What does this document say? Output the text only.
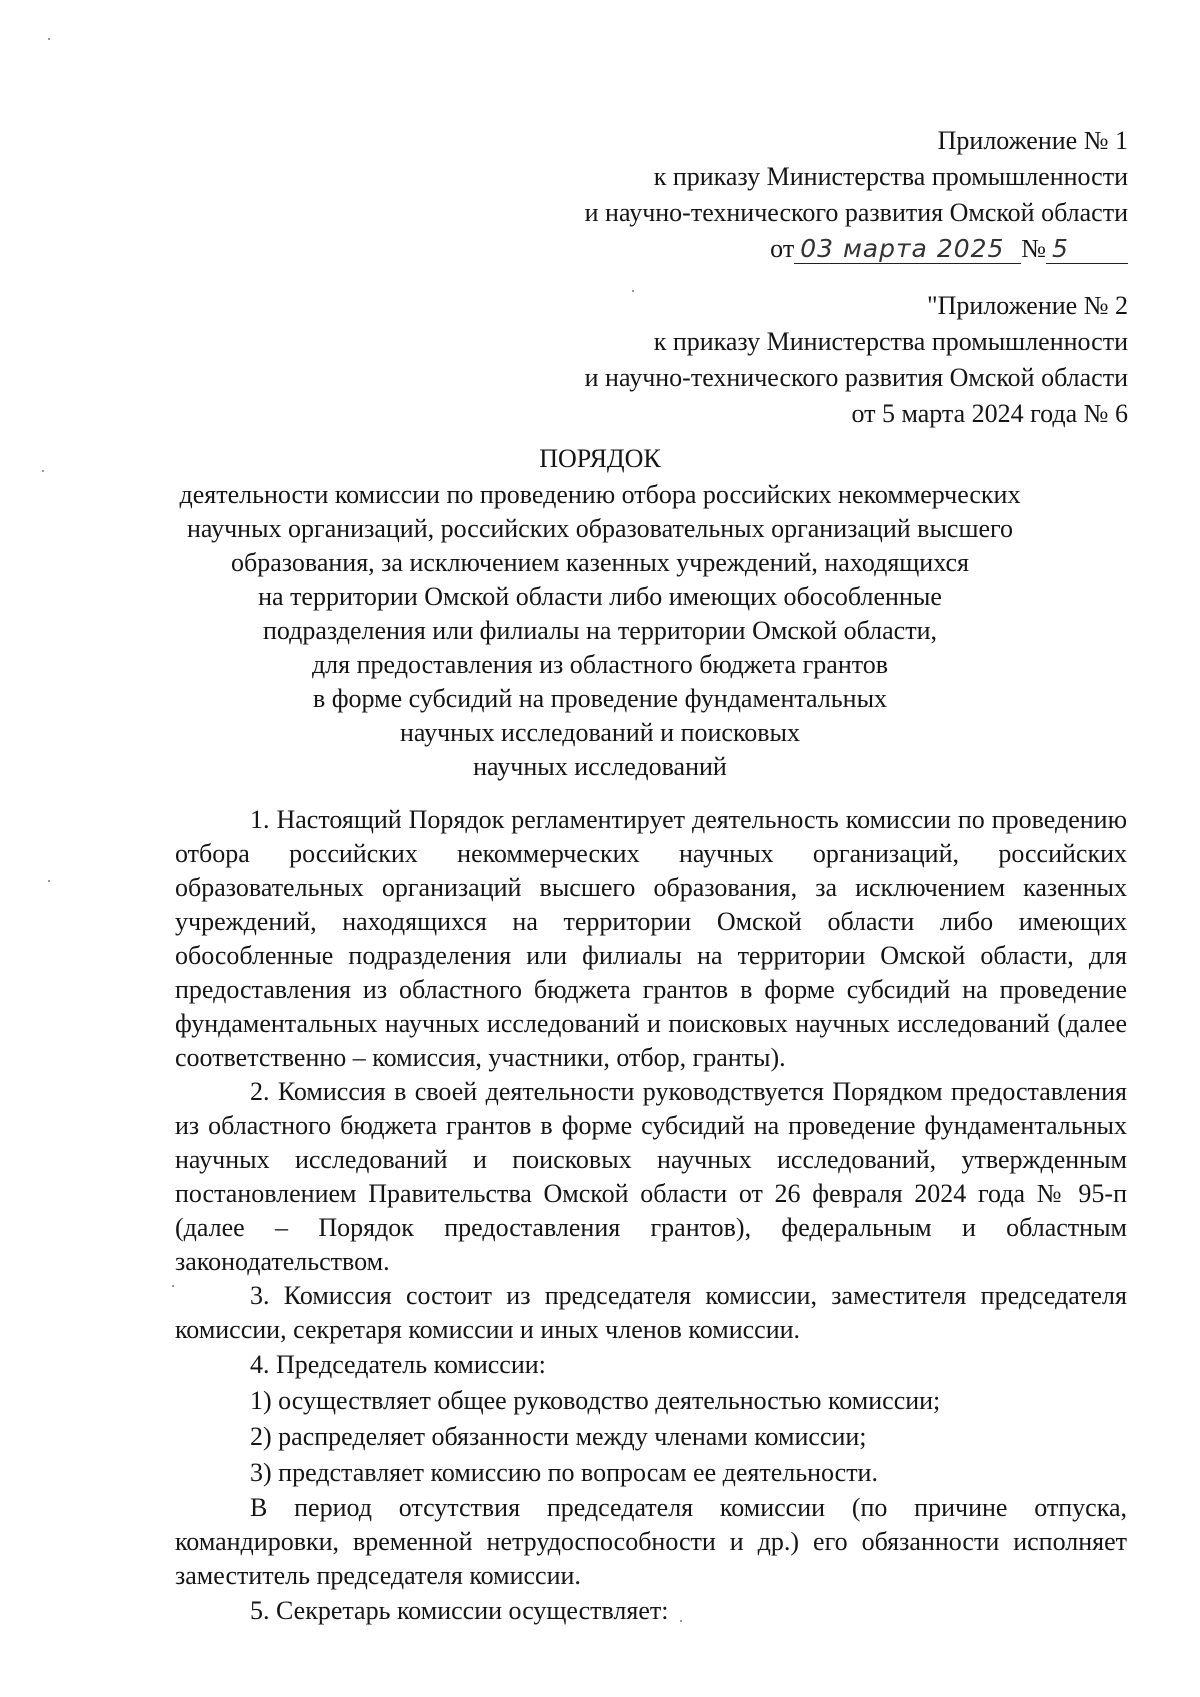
Приложение № 1
к приказу Министерства промышленности
и научно-технического развития Омской области
от 03 марта 2025 № 5
"Приложение № 2
к приказу Министерства промышленности
и научно-технического развития Омской области
от 5 марта 2024 года № 6
ПОРЯДОК
деятельности комиссии по проведению отбора российских некоммерческих
научных организаций, российских образовательных организаций высшего
образования, за исключением казенных учреждений, находящихся
на территории Омской области либо имеющих обособленные
подразделения или филиалы на территории Омской области,
для предоставления из областного бюджета грантов
в форме субсидий на проведение фундаментальных
научных исследований и поисковых
научных исследований

1. Настоящий Порядок регламентирует деятельность комиссии по проведению отбора российских некоммерческих научных организаций, российских образовательных организаций высшего образования, за исключением казенных учреждений, находящихся на территории Омской области либо имеющих обособленные подразделения или филиалы на территории Омской области, для предоставления из областного бюджета грантов в форме субсидий на проведение фундаментальных научных исследований и поисковых научных исследований (далее соответственно – комиссия, участники, отбор, гранты).

2. Комиссия в своей деятельности руководствуется Порядком предоставления из областного бюджета грантов в форме субсидий на проведение фундаментальных научных исследований и поисковых научных исследований, утвержденным постановлением Правительства Омской области от 26 февраля 2024 года № 95-п (далее – Порядок предоставления грантов), федеральным и областным законодательством.

3. Комиссия состоит из председателя комиссии, заместителя председателя комиссии, секретаря комиссии и иных членов комиссии.

4. Председатель комиссии:

1) осуществляет общее руководство деятельностью комиссии;

2) распределяет обязанности между членами комиссии;

3) представляет комиссию по вопросам ее деятельности.

В период отсутствия председателя комиссии (по причине отпуска, командировки, временной нетрудоспособности и др.) его обязанности исполняет заместитель председателя комиссии.

5. Секретарь комиссии осуществляет:
